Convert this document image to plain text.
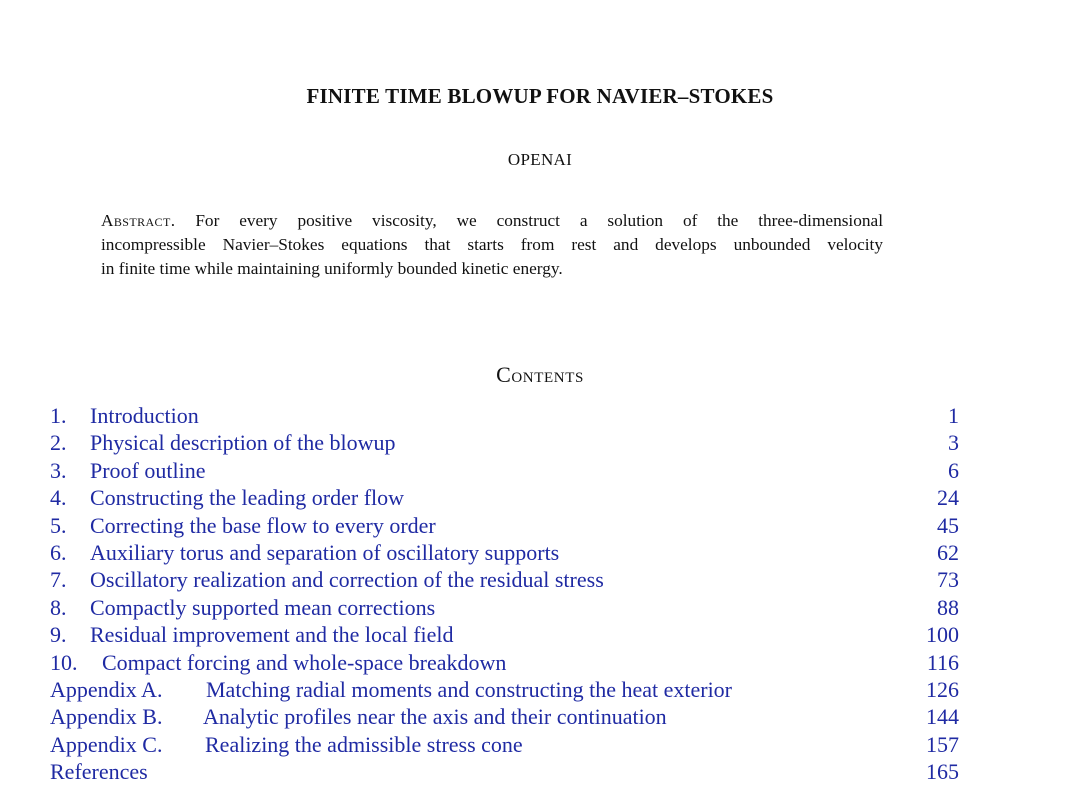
FINITE TIME BLOWUP FOR NAVIER–STOKES
OPENAI
Abstract. For every positive viscosity, we construct a solution of the three-dimensional
incompressible Navier–Stokes equations that starts from rest and develops unbounded velocity
in finite time while maintaining uniformly bounded kinetic energy.
Contents
1. Introduction	1
2. Physical description of the blowup	3
3. Proof outline	6
4. Constructing the leading order flow	24
5. Correcting the base flow to every order	45
6. Auxiliary torus and separation of oscillatory supports	62
7. Oscillatory realization and correction of the residual stress	73
8. Compactly supported mean corrections	88
9. Residual improvement and the local field	100
10. Compact forcing and whole-space breakdown	116
Appendix A. Matching radial moments and constructing the heat exterior	126
Appendix B. Analytic profiles near the axis and their continuation	144
Appendix C. Realizing the admissible stress cone	157
References	165
